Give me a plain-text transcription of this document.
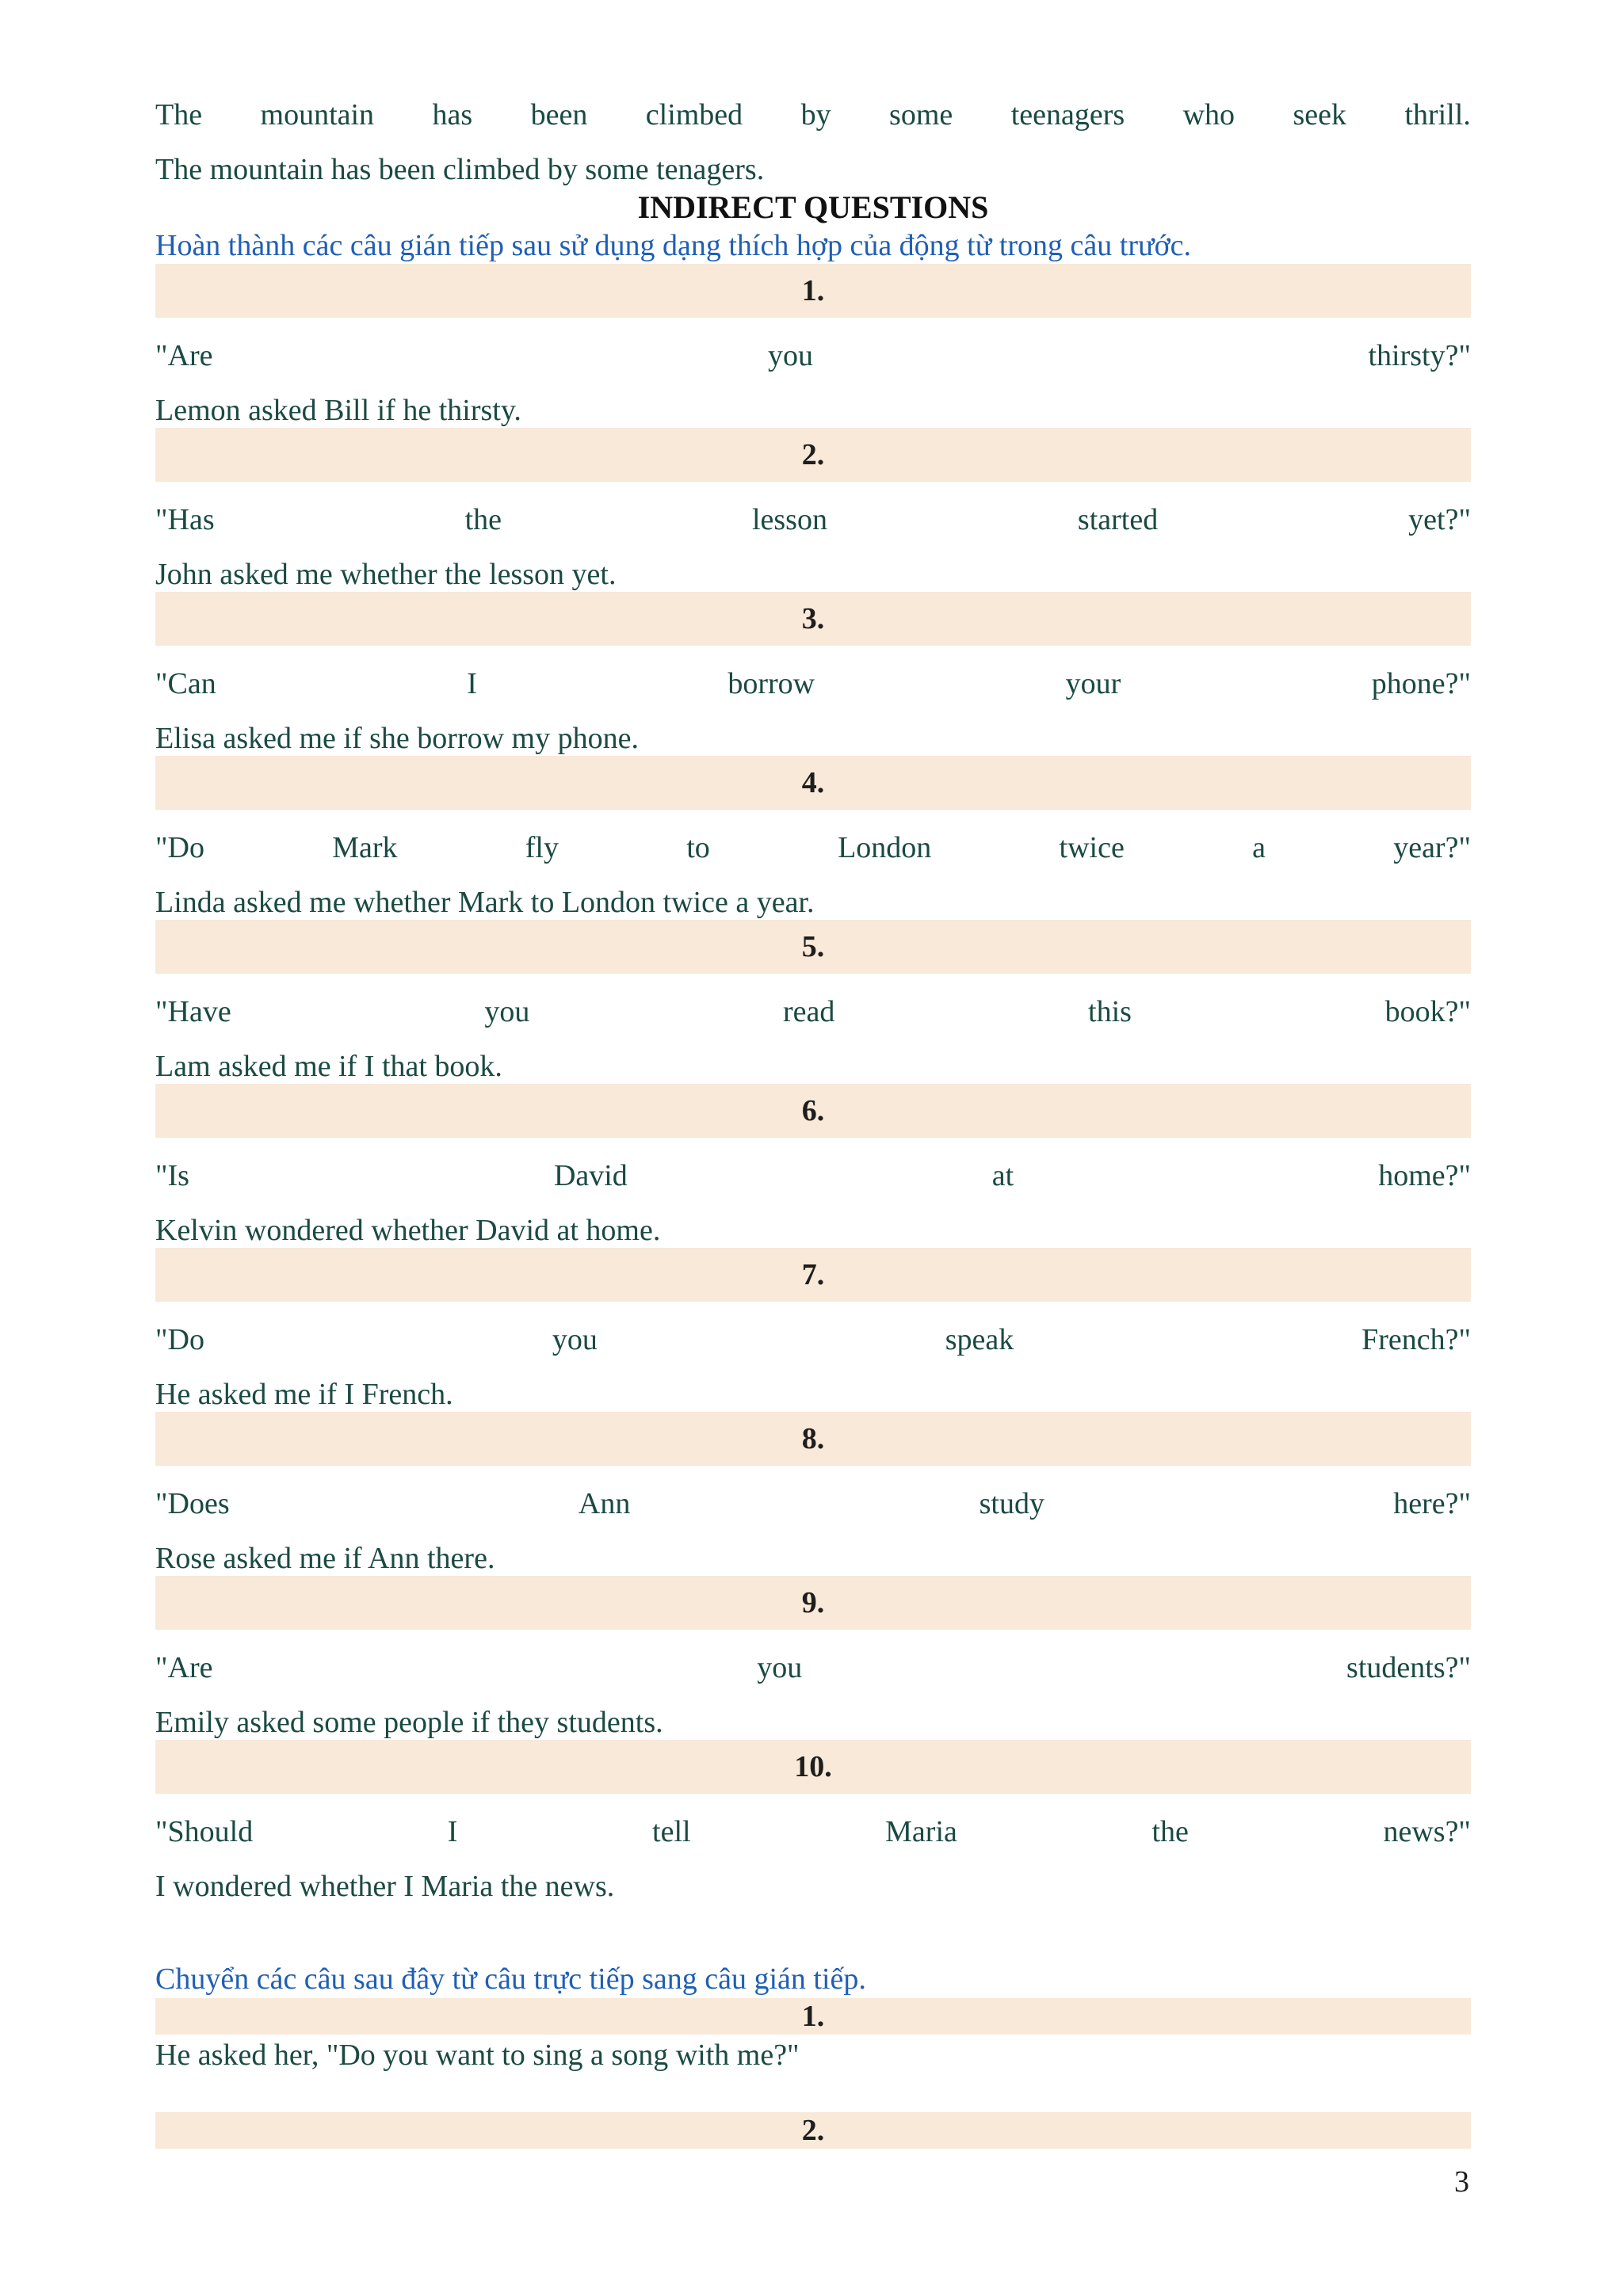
The mountain has been climbed by some teenagers who seek thrill.
The mountain has been climbed by some tenagers.
INDIRECT QUESTIONS
Hoàn thành các câu gián tiếp sau sử dụng dạng thích hợp của động từ trong câu trước.
1.
"Are	you	thirsty?"
Lemon asked Bill if he thirsty.
2.
"Has	the	lesson	started	yet?"
John asked me whether the lesson yet.
3.
"Can	I	borrow	your	phone?"
Elisa asked me if she borrow my phone.
4.
"Do	Mark	fly	to	London	twice	a	year?"
Linda asked me whether Mark to London twice a year.
5.
"Have	you	read	this	book?"
Lam asked me if I that book.
6.
"Is	David	at	home?"
Kelvin wondered whether David at home.
7.
"Do	you	speak	French?"
He asked me if I French.
8.
"Does	Ann	study	here?"
Rose asked me if Ann there.
9.
"Are	you	students?"
Emily asked some people if they students.
10.
"Should	I	tell	Maria	the	news?"
I wondered whether I Maria the news.
Chuyển các câu sau đây từ câu trực tiếp sang câu gián tiếp.
1.
He asked her, "Do you want to sing a song with me?"
2.
3
